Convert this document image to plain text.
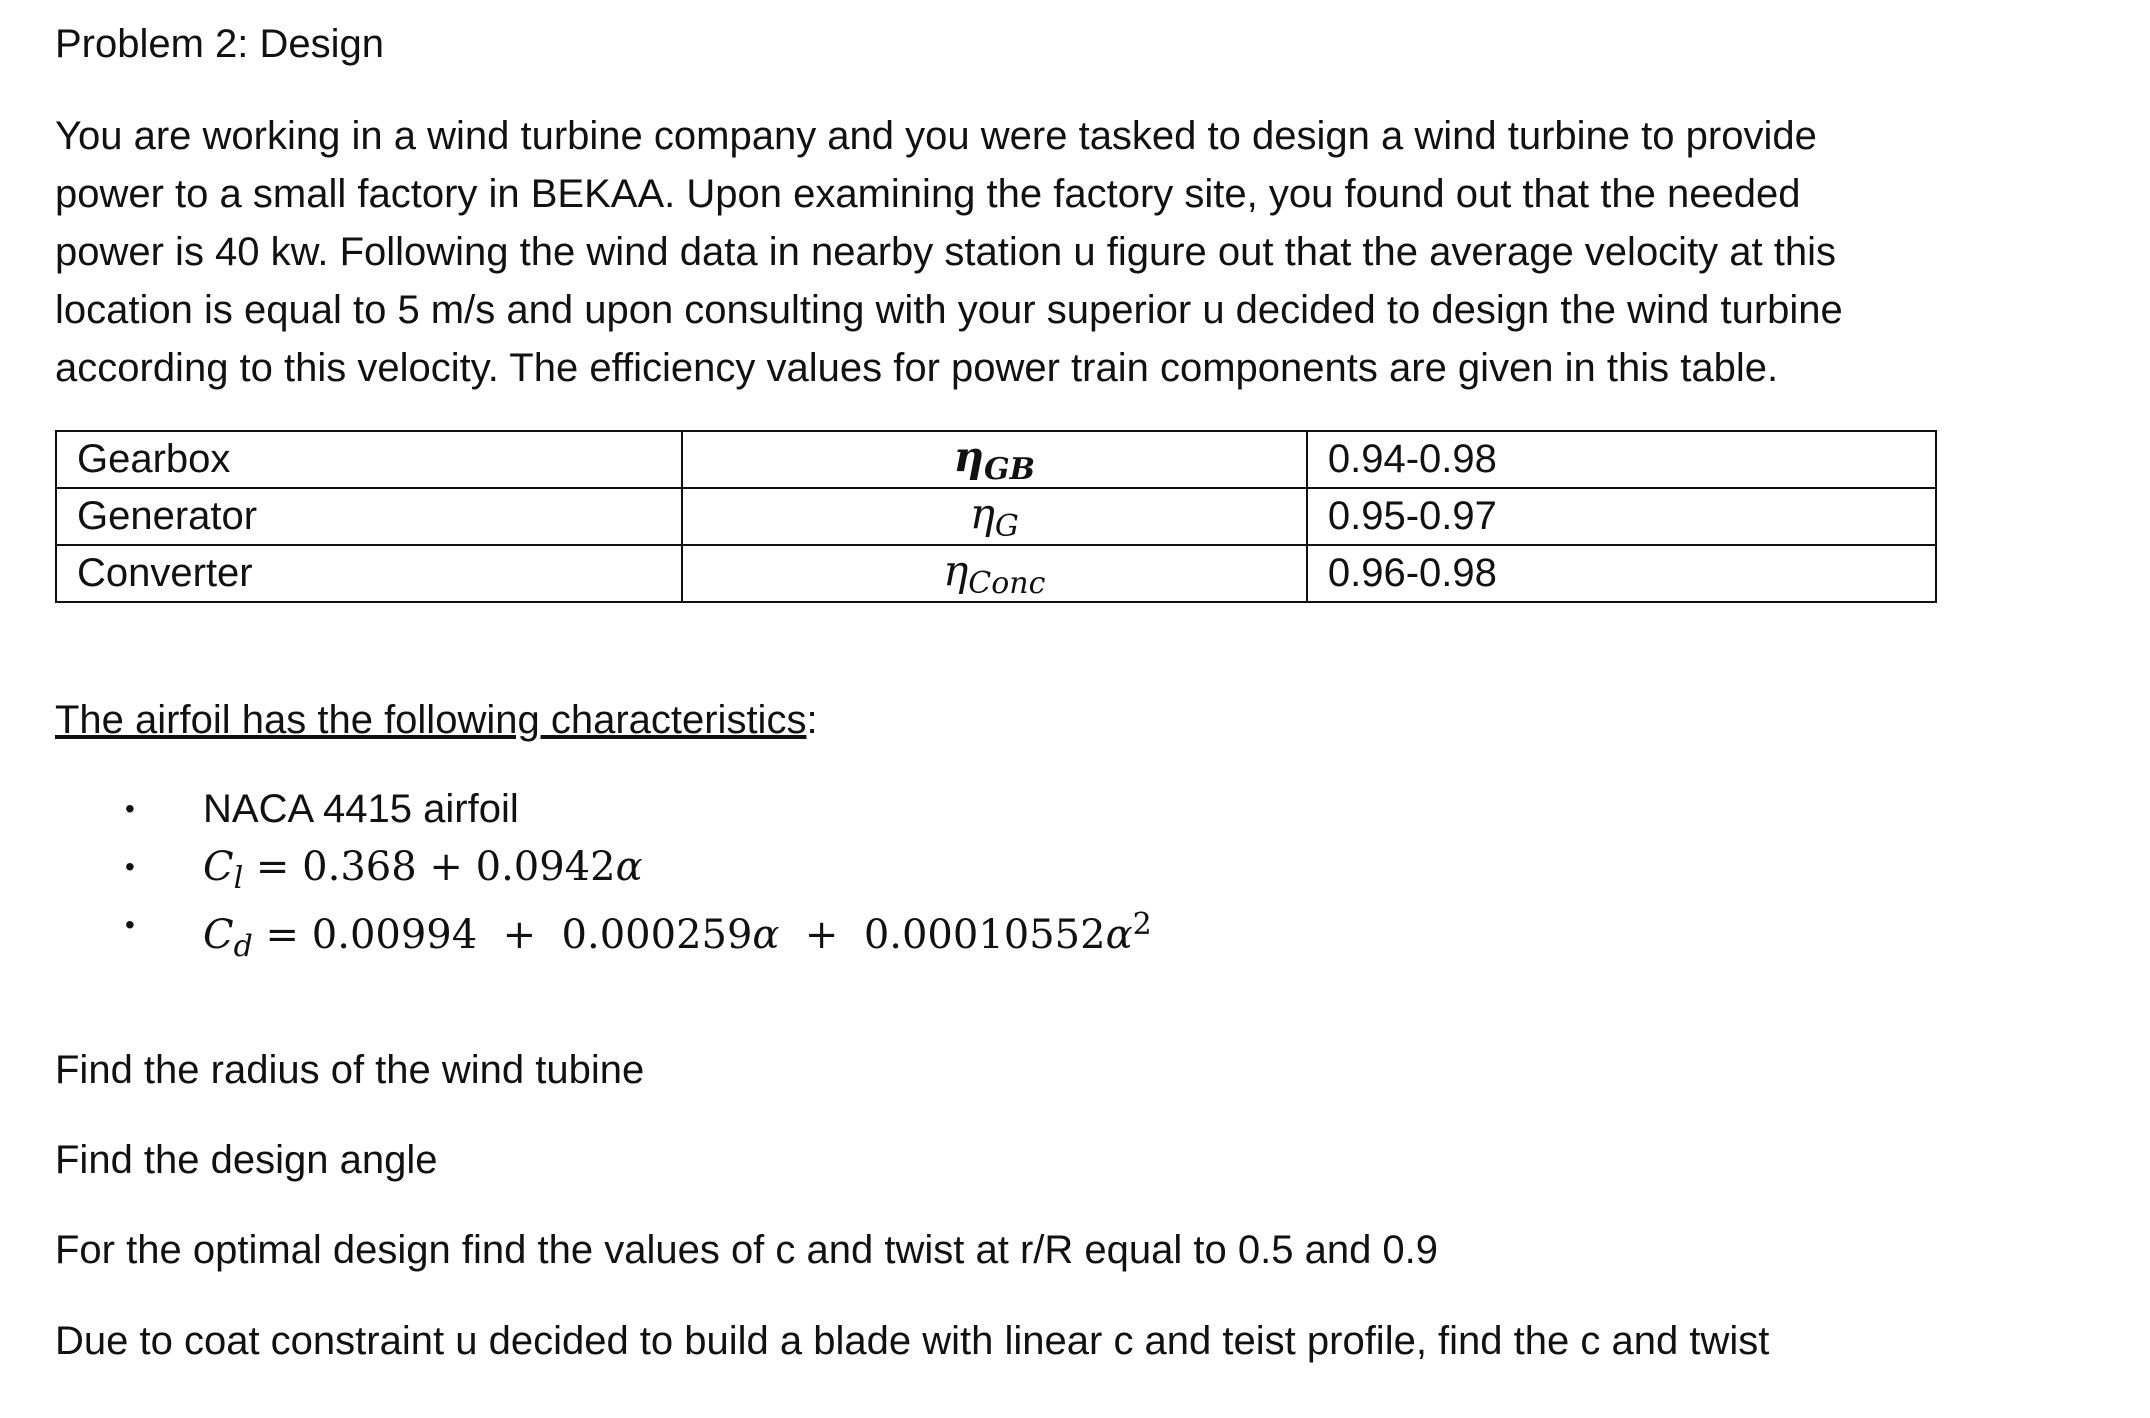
Problem 2: Design
You are working in a wind turbine company and you were tasked to design a wind turbine to provide
power to a small factory in BEKAA. Upon examining the factory site, you found out that the needed
power is 40 kw. Following the wind data in nearby station u figure out that the average velocity at this
location is equal to 5 m/s and upon consulting with your superior u decided to design the wind turbine
according to this velocity. The efficiency values for power train components are given in this table.
Gearbox	$\eta_{GB}$	0.94-0.98
Generator	$\eta_G$	0.95-0.97
Converter	$\eta_{Conc}$	0.96-0.98
The airfoil has the following characteristics:
• NACA 4415 airfoil
• $C_l = 0.368 + 0.0942\alpha$
• $C_d = 0.00994 + 0.000259\alpha + 0.00010552\alpha^2$
Find the radius of the wind tubine
Find the design angle
For the optimal design find the values of c and twist at r/R equal to 0.5 and 0.9
Due to coat constraint u decided to build a blade with linear c and teist profile, find the c and twist
